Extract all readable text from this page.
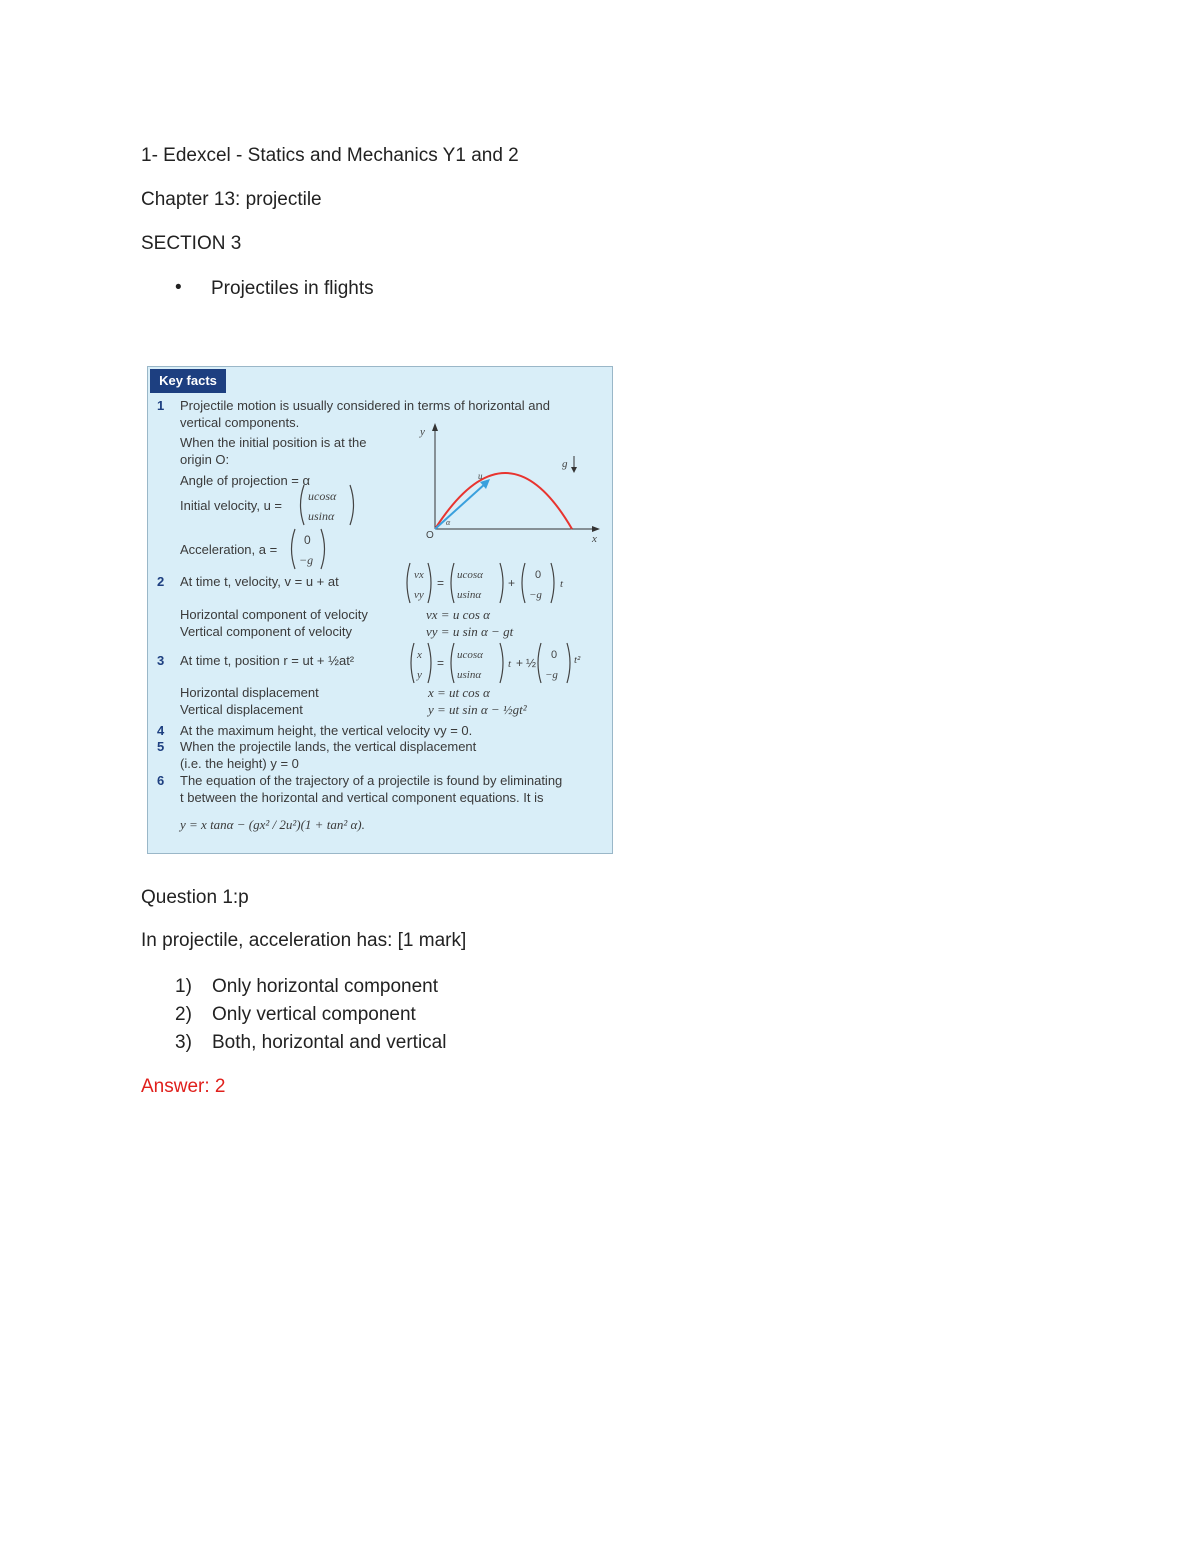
1- Edexcel - Statics and Mechanics Y1 and 2
Chapter 13: projectile
SECTION 3
• Projectiles in flights
Key facts
1 Projectile motion is usually considered in terms of horizontal and
vertical components.
When the initial position is at the
origin O:
Angle of projection = α
Initial velocity, u =
ucosα
usinα
Acceleration, a =
0
−g
y
x
O
u
α
g
2 At time t, velocity, v = u + at	vx
vy
=
ucosα
usinα
+
0
−g
t
Horizontal component of velocity
Vertical component of velocity
vx = u cos α
vy = u sin α − gt
3 At time t, position r = ut + ½at²	x
y
=
ucosα
usinα
t + ½
0
−g
t²
Horizontal displacement
Vertical displacement
x = ut cos α
y = ut sin α − ½gt²
4 At the maximum height, the vertical velocity vy = 0.
5 When the projectile lands, the vertical displacement
(i.e. the height) y = 0
6 The equation of the trajectory of a projectile is found by eliminating
t between the horizontal and vertical component equations. It is
y = x tanα − (gx² / 2u²)(1 + tan² α).
Question 1:p
In projectile, acceleration has: [1 mark]
1) Only horizontal component
2) Only vertical component
3) Both, horizontal and vertical
Answer: 2
